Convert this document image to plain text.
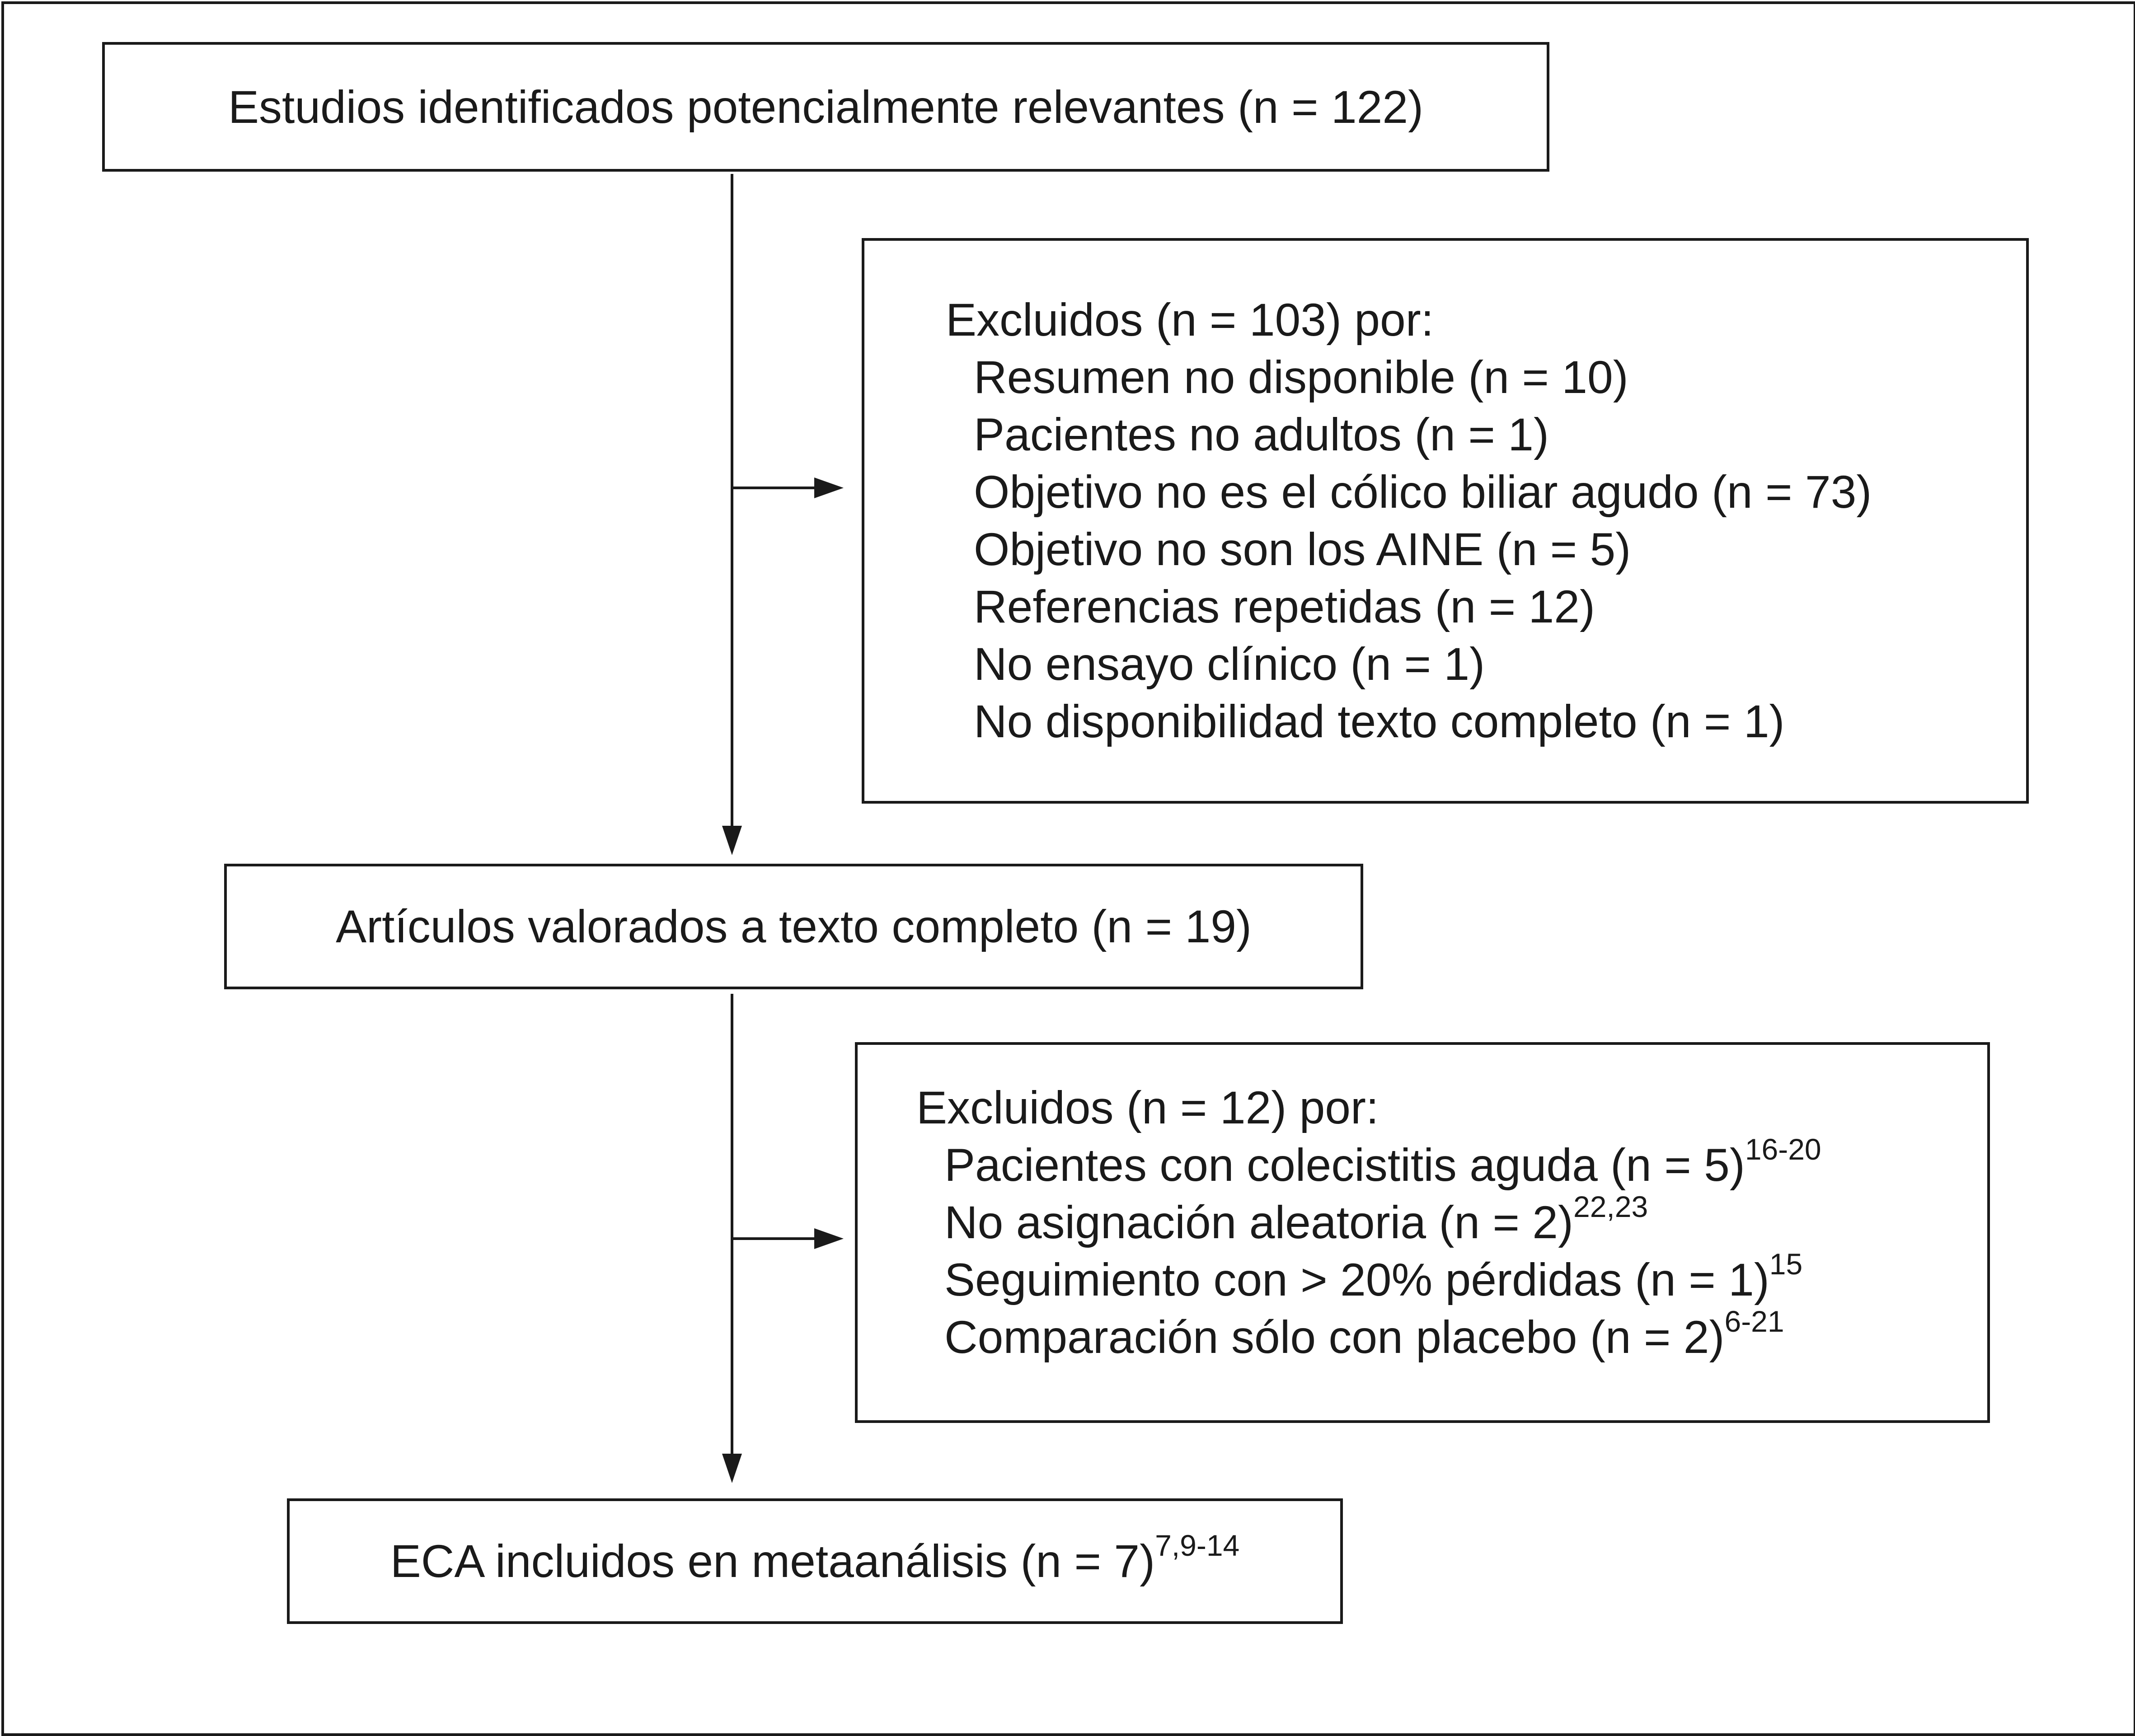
Estudios identificados potencialmente relevantes (n = 122)
Excluidos (n = 103) por:
Resumen no disponible (n = 10)
Pacientes no adultos (n = 1)
Objetivo no es el cólico biliar agudo (n = 73)
Objetivo no son los AINE (n = 5)
Referencias repetidas (n = 12)
No ensayo clínico (n = 1)
No disponibilidad texto completo (n = 1)
Artículos valorados a texto completo (n = 19)
Excluidos (n = 12) por:
Pacientes con colecistitis aguda (n = 5)$^{16-20}$
No asignación aleatoria (n = 2)$^{22,23}$
Seguimiento con > 20% pérdidas (n = 1)$^{15}$
Comparación sólo con placebo (n = 2)$^{6-21}$
ECA incluidos en metaanálisis (n = 7)$^{7,9-14}$
